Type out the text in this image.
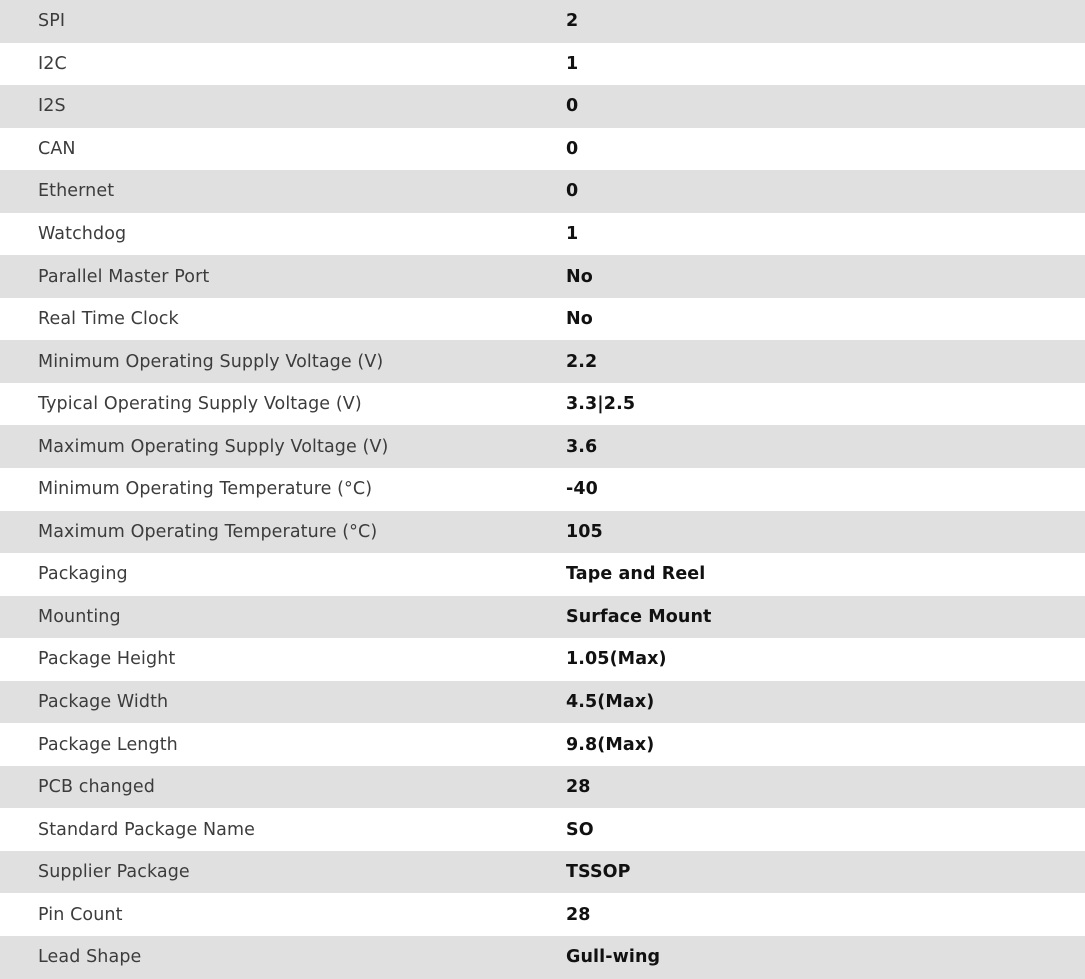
SPI	2
I2C	1
I2S	0
CAN	0
Ethernet	0
Watchdog	1
Parallel Master Port	No
Real Time Clock	No
Minimum Operating Supply Voltage (V)	2.2
Typical Operating Supply Voltage (V)	3.3|2.5
Maximum Operating Supply Voltage (V)	3.6
Minimum Operating Temperature (°C)	-40
Maximum Operating Temperature (°C)	105
Packaging	Tape and Reel
Mounting	Surface Mount
Package Height	1.05(Max)
Package Width	4.5(Max)
Package Length	9.8(Max)
PCB changed	28
Standard Package Name	SO
Supplier Package	TSSOP
Pin Count	28
Lead Shape	Gull-wing
